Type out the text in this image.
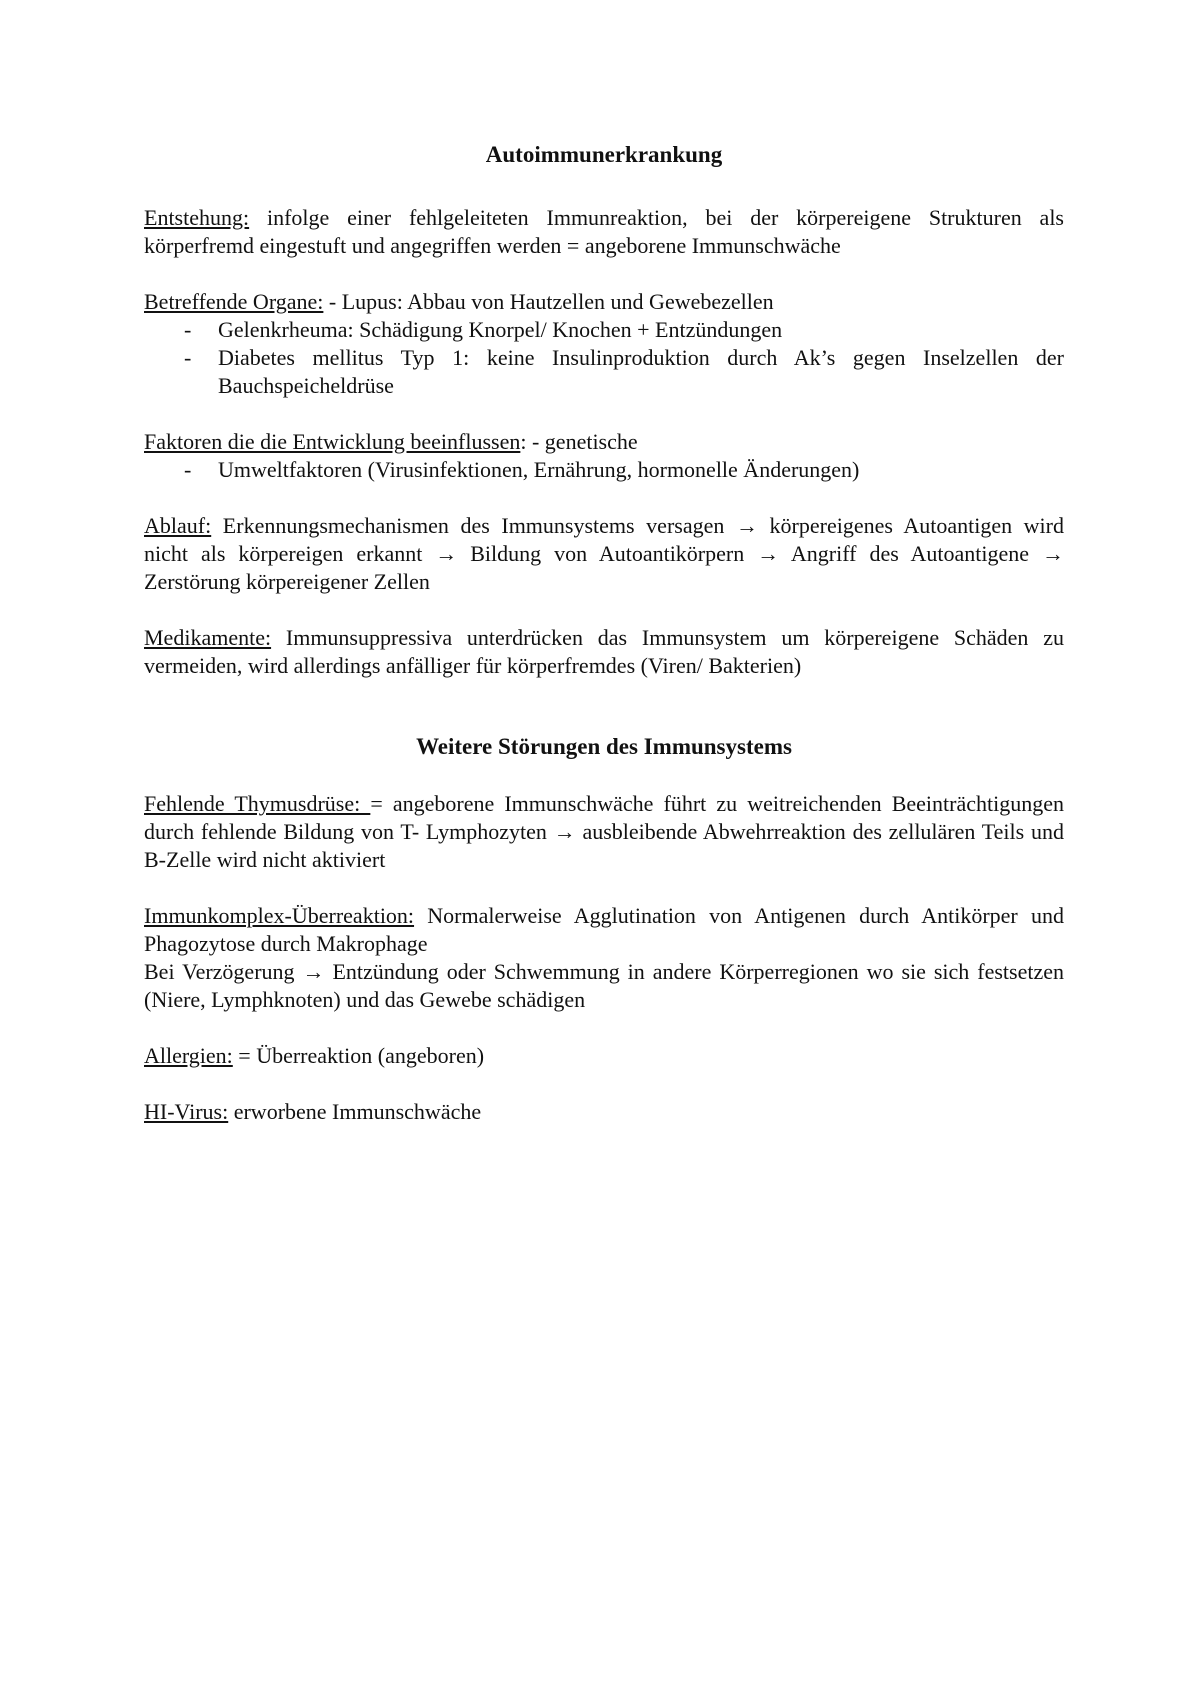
Autoimmunerkrankung

Entstehung: infolge einer fehlgeleiteten Immunreaktion, bei der körpereigene Strukturen als körperfremd eingestuft und angegriffen werden = angeborene Immunschwäche

Betreffende Organe: - Lupus: Abbau von Hautzellen und Gewebezellen

- Gelenkrheuma: Schädigung Knorpel/ Knochen + Entzündungen
- Diabetes mellitus Typ 1: keine Insulinproduktion durch Ak’s gegen Inselzellen der Bauchspeicheldrüse

Faktoren die die Entwicklung beeinflussen: - genetische

- Umweltfaktoren (Virusinfektionen, Ernährung, hormonelle Änderungen)

Ablauf: Erkennungsmechanismen des Immunsystems versagen → körpereigenes Autoantigen wird nicht als körpereigen erkannt → Bildung von Autoantikörpern → Angriff des Autoantigene → Zerstörung körpereigener Zellen

Medikamente: Immunsuppressiva unterdrücken das Immunsystem um körpereigene Schäden zu vermeiden, wird allerdings anfälliger für körperfremdes (Viren/ Bakterien)

Weitere Störungen des Immunsystems

Fehlende Thymusdrüse: = angeborene Immunschwäche führt zu weitreichenden Beeinträchtigungen durch fehlende Bildung von T- Lymphozyten → ausbleibende Abwehrreaktion des zellulären Teils und B-Zelle wird nicht aktiviert

Immunkomplex-Überreaktion: Normalerweise Agglutination von Antigenen durch Antikörper und Phagozytose durch Makrophage

Bei Verzögerung → Entzündung oder Schwemmung in andere Körperregionen wo sie sich festsetzen (Niere, Lymphknoten) und das Gewebe schädigen

Allergien: = Überreaktion (angeboren)

HI-Virus: erworbene Immunschwäche
